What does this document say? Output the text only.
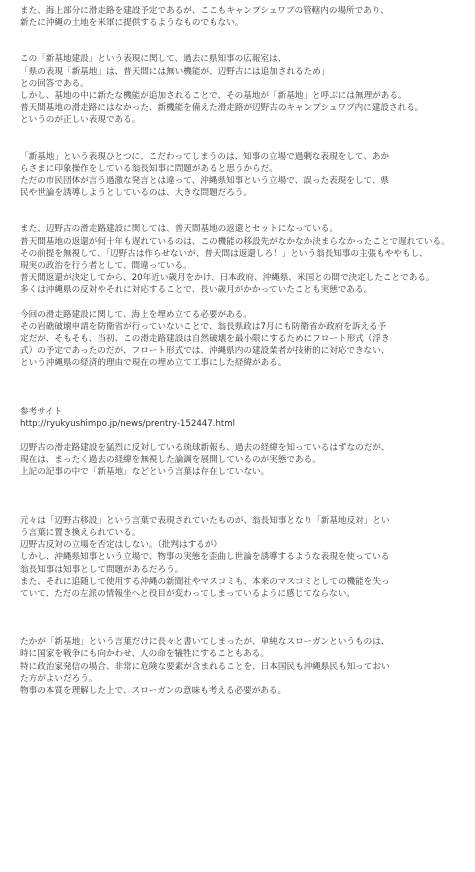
また、海上部分に滑走路を建設予定であるが、ここもキャンプシュワブの管轄内の場所であり、
新たに沖縄の土地を米軍に提供するようなものでもない。
この「新基地建設」という表現に関して、過去に県知事の広報室は、
「県の表現「新基地」は、普天間には無い機能が、辺野古には追加されるため」
との回答である。
しかし、基地の中に新たな機能が追加されることで、その基地が「新基地」と呼ぶには無理がある。
普天間基地の滑走路にはなかった、新機能を備えた滑走路が辺野古のキャンプシュワブ内に建設される。
というのが正しい表現である。
「新基地」という表現ひとつに、こだわってしまうのは、知事の立場で過剰な表現をして、あか
らさまに印象操作をしている翁長知事に問題があると思うからだ。
ただの市民団体が言う過激な発言とは違って、沖縄県知事という立場で、誤った表現をして、県
民や世論を誘導しようとしているのは、大きな問題だろう。
また、辺野古の滑走路建設に関しては、普天間基地の返還とセットになっている。
普天間基地の返還が何十年も遅れているのは、この機能の移設先がなかなか決まらなかったことで遅れている。
その前提を無視して、「辺野古は作らせないが、普天間は返還しろ！」という翁長知事の主張もややもし、
現実の政治を行う者として、間違っている。
普天間返還が決定してから、20年近い歳月をかけ、日本政府、沖縄県、米国との間で決定したことである。
多くは沖縄県の反対やそれに対応することで、長い歳月がかかっていたことも実態である。
今回の滑走路建設に関して、海上を埋め立てる必要がある。
その岩礁破壊申請を防衛省が行っていないことで、翁長県政は7月にも防衛省か政府を訴える予
定だが、そもそも、当初、この滑走路建設は自然破壊を最小限にするためにフロート形式（浮き
式）の予定であったのだが、フロート形式では、沖縄県内の建設業者が技術的に対応できない、
という沖縄県の経済的理由で現在の埋め立て工事にした経緯がある。
参考サイト
http://ryukyushimpo.jp/news/prentry-152447.html
辺野古の滑走路建設を猛烈に反対している琉球新報も、過去の経緯を知っているはずなのだが、
現在は、まったく過去の経緯を無視した論調を展開しているのが実態である。
上記の記事の中で「新基地」などという言葉は存在していない。
元々は「辺野古移設」という言葉で表現されていたものが、翁長知事となり「新基地反対」とい
う言葉に置き換えられている。
辺野古反対の立場を否定はしない。（批判はするが）
しかし、沖縄県知事という立場で、物事の実態を歪曲し世論を誘導するような表現を使っている
翁長知事は知事として問題があるだろう。
また、それに追随して使用する沖縄の新聞社やマスコミも、本来のマスコミとしての機能を失っ
ていて、ただの左派の情報坐へと役目が変わってしまっているように感じてならない。
たかが「新基地」という言葉だけに長々と書いてしまったが、単純なスローガンというものは、
時に国家を戦争にも向かわせ、人の命を犠牲にすることもある。
特に政治家発信の場合、非常に危険な要素が含まれることを、日本国民も沖縄県民も知っておい
た方がよいだろう。
物事の本質を理解した上で、スローガンの意味も考える必要がある。
